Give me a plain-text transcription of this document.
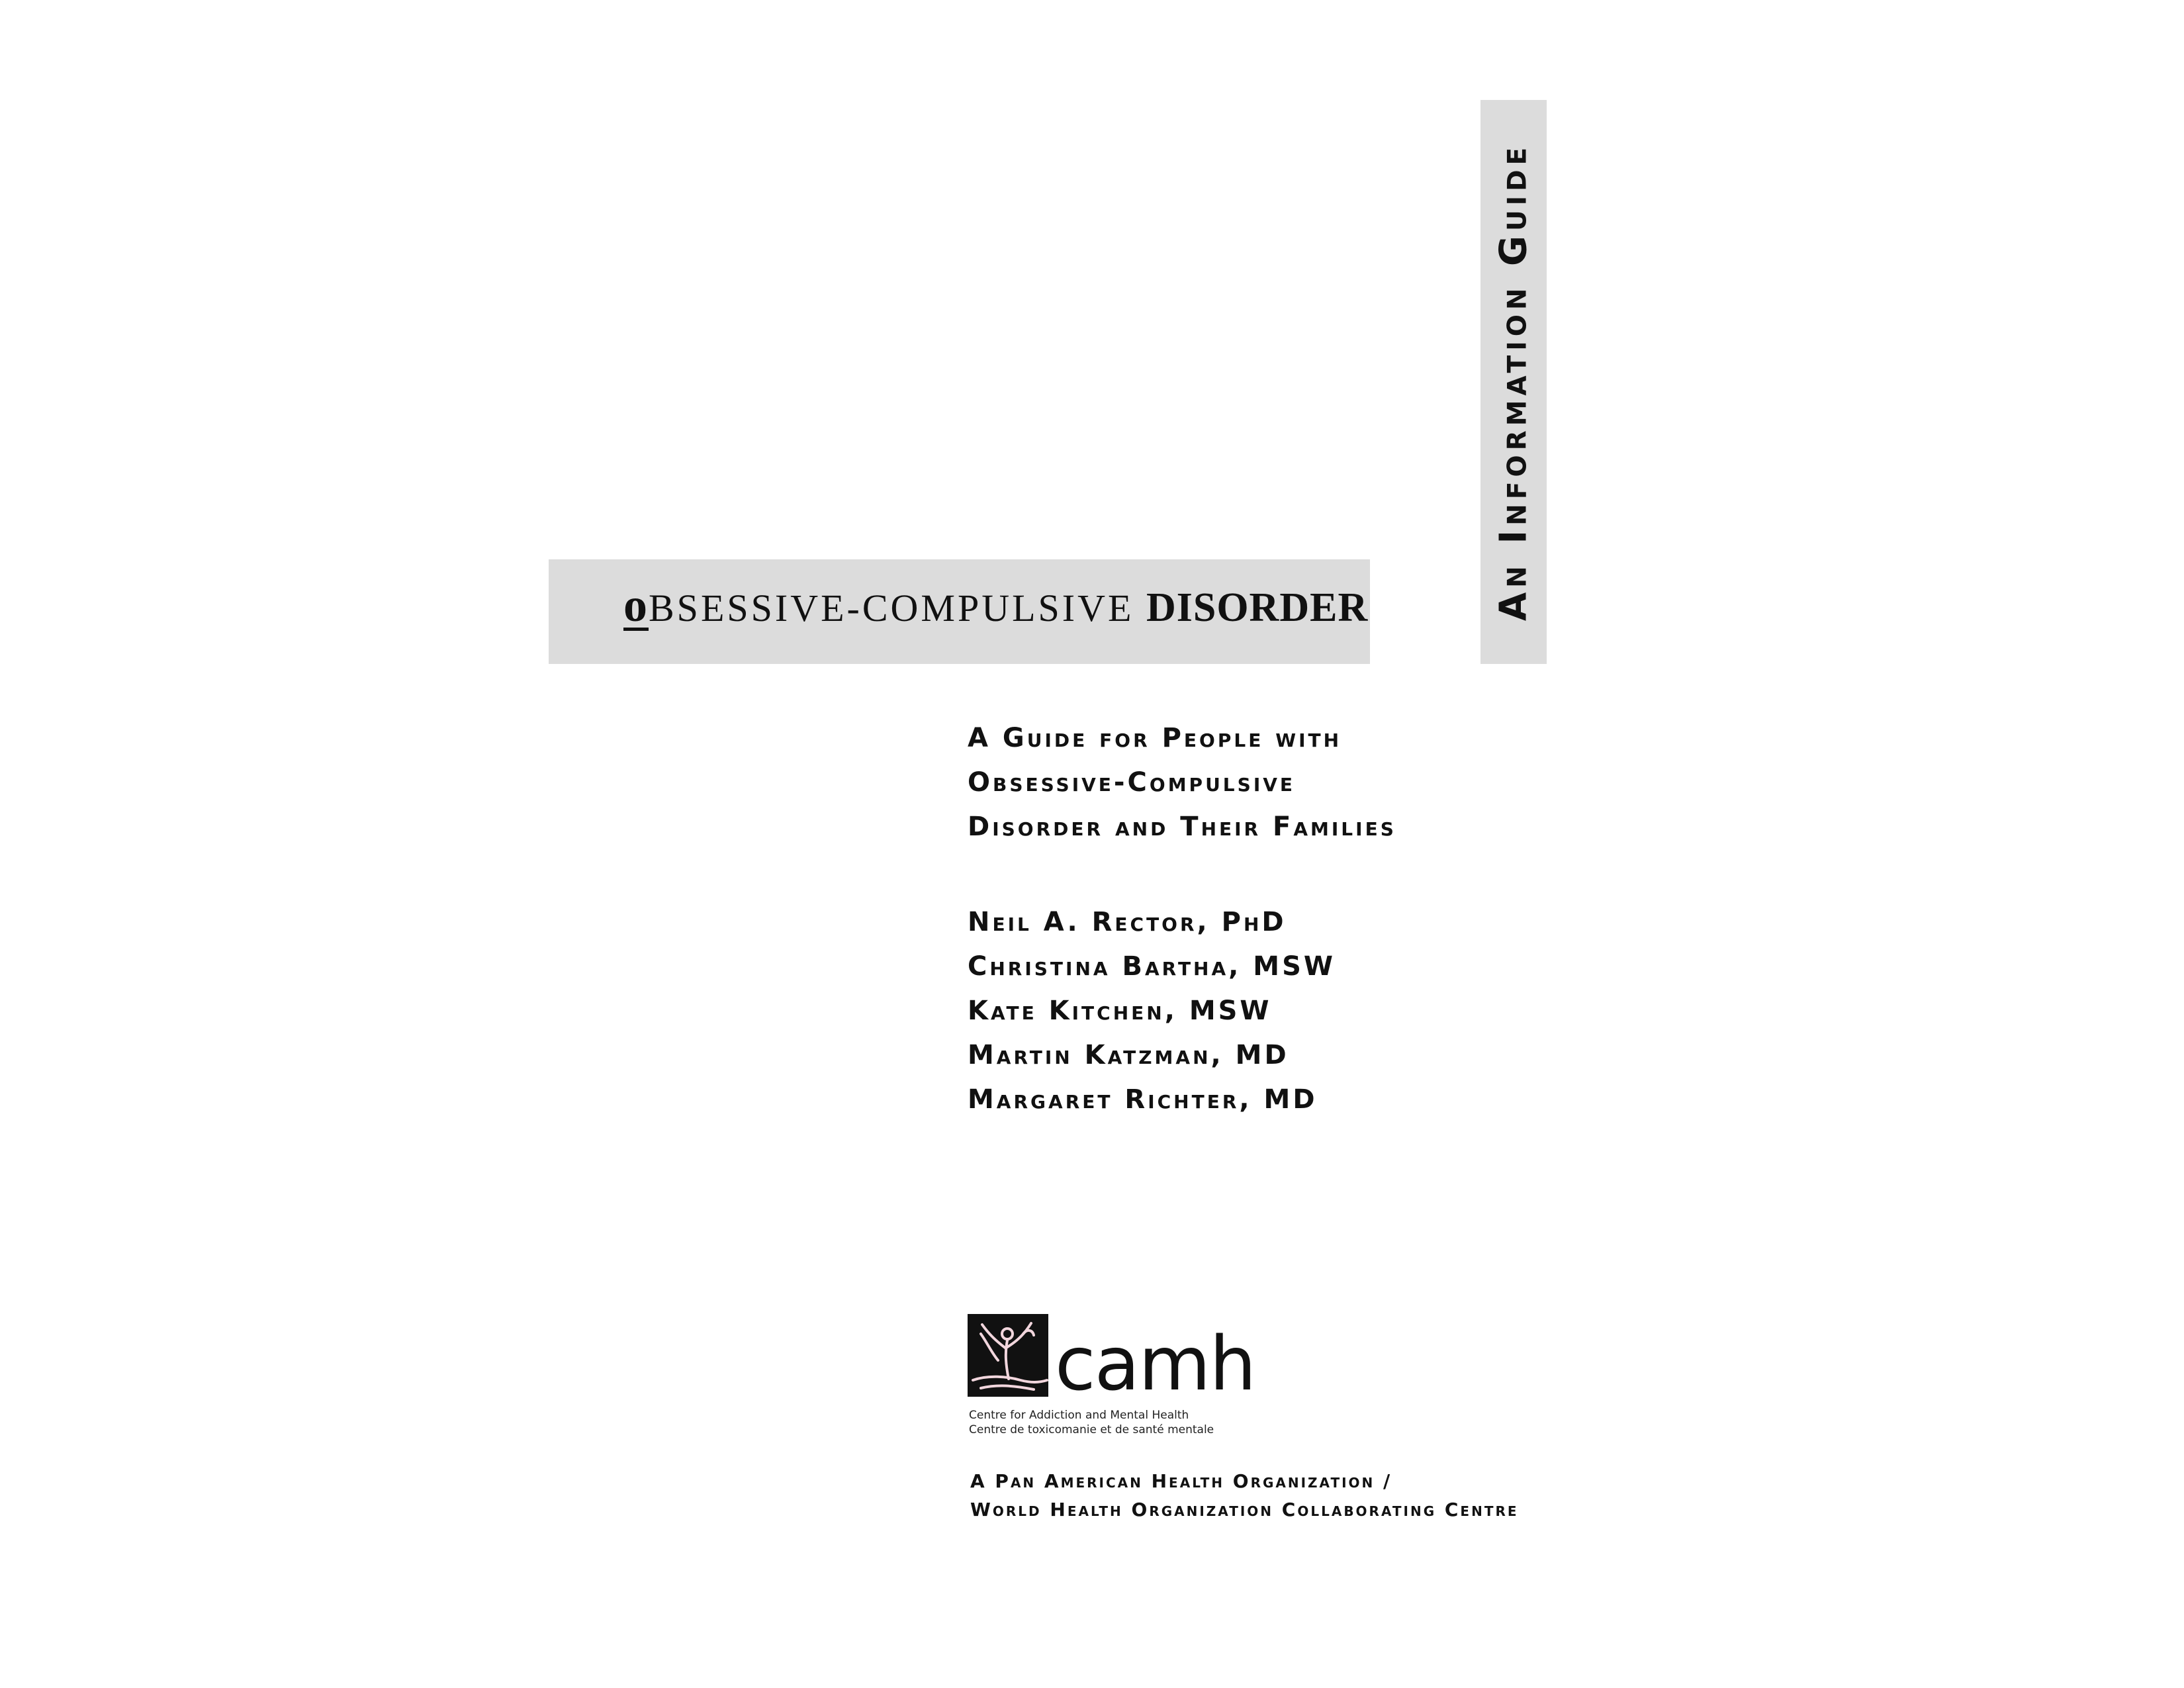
An Information Guide
oBSESSIVE-COMPULSIVE DISORDER
A Guide for People with
Obsessive-Compulsive
Disorder and Their Families
Neil A. Rector, PhD
Christina Bartha, MSW
Kate Kitchen, MSW
Martin Katzman, MD
Margaret Richter, MD
camh
Centre for Addiction and Mental Health
Centre de toxicomanie et de santé mentale
A Pan American Health Organization /
World Health Organization Collaborating Centre
